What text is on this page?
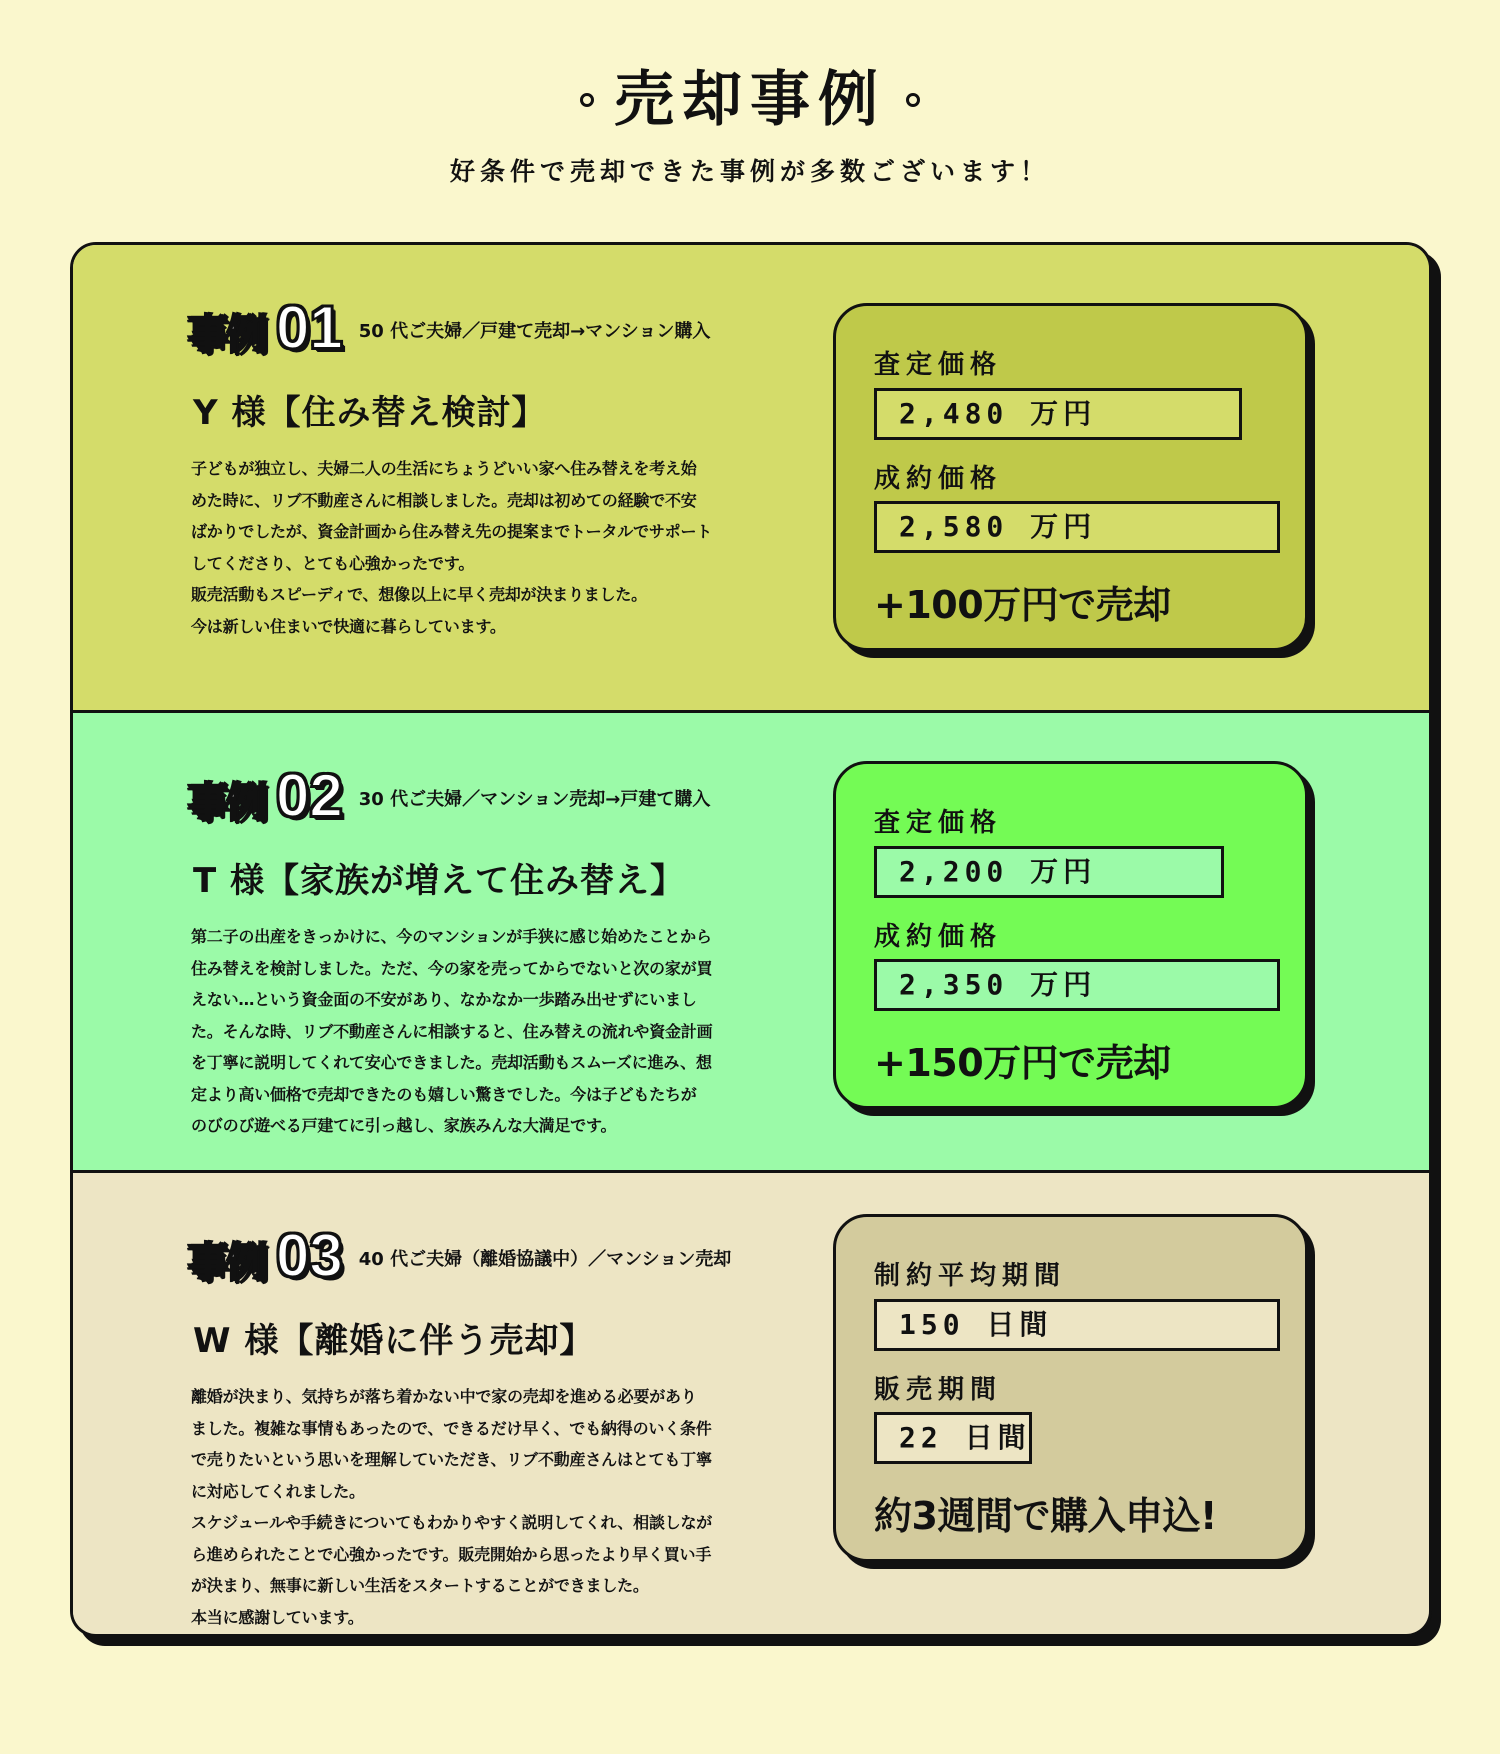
売却事例
好条件で売却できた事例が多数ございます！
事例 01 50 代ご夫婦／戸建て売却→マンション購入
Y 様【住み替え検討】
子どもが独立し、夫婦二人の生活にちょうどいい家へ住み替えを考え始
めた時に、リブ不動産さんに相談しました。売却は初めての経験で不安
ばかりでしたが、資金計画から住み替え先の提案までトータルでサポート
してくださり、とても心強かったです。
販売活動もスピーディで、想像以上に早く売却が決まりました。
今は新しい住まいで快適に暮らしています。
査定価格
2,480 万円
成約価格
2,580 万円
+100万円で売却
事例 02 30 代ご夫婦／マンション売却→戸建て購入
T 様【家族が増えて住み替え】
第二子の出産をきっかけに、今のマンションが手狭に感じ始めたことから
住み替えを検討しました。ただ、今の家を売ってからでないと次の家が買
えない…という資金面の不安があり、なかなか一歩踏み出せずにいまし
た。そんな時、リブ不動産さんに相談すると、住み替えの流れや資金計画
を丁寧に説明してくれて安心できました。売却活動もスムーズに進み、想
定より高い価格で売却できたのも嬉しい驚きでした。今は子どもたちが
のびのび遊べる戸建てに引っ越し、家族みんな大満足です。
査定価格
2,200 万円
成約価格
2,350 万円
+150万円で売却
事例 03 40 代ご夫婦（離婚協議中）／マンション売却
W 様【離婚に伴う売却】
離婚が決まり、気持ちが落ち着かない中で家の売却を進める必要があり
ました。複雑な事情もあったので、できるだけ早く、でも納得のいく条件
で売りたいという思いを理解していただき、リブ不動産さんはとても丁寧
に対応してくれました。
スケジュールや手続きについてもわかりやすく説明してくれ、相談しなが
ら進められたことで心強かったです。販売開始から思ったより早く買い手
が決まり、無事に新しい生活をスタートすることができました。
本当に感謝しています。
制約平均期間
150 日間
販売期間
22 日間
約3週間で購入申込!
